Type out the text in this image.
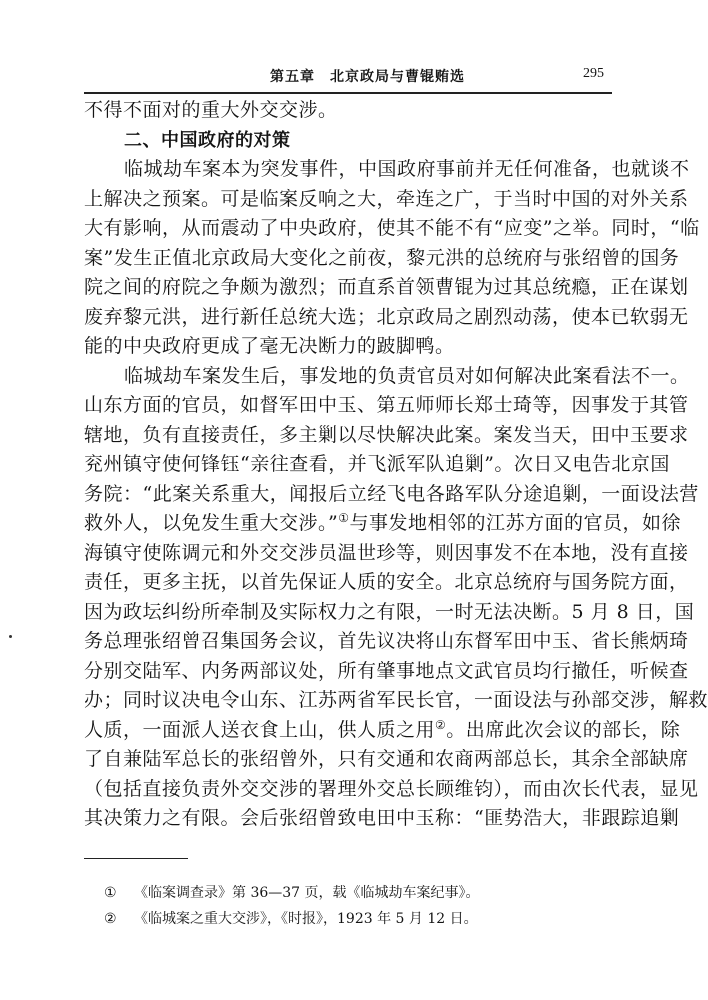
第五章　北京政局与曹锟贿选	295
不得不面对的重大外交交涉。
二、中国政府的对策
临城劫车案本为突发事件，中国政府事前并无任何准备，也就谈不
上解决之预案。可是临案反响之大，牵连之广，于当时中国的对外关系
大有影响，从而震动了中央政府，使其不能不有“应变”之举。同时，“临
案”发生正值北京政局大变化之前夜，黎元洪的总统府与张绍曾的国务
院之间的府院之争颇为激烈；而直系首领曹锟为过其总统瘾，正在谋划
废弃黎元洪，进行新任总统大选；北京政局之剧烈动荡，使本已软弱无
能的中央政府更成了毫无决断力的跛脚鸭。
临城劫车案发生后，事发地的负责官员对如何解决此案看法不一。
山东方面的官员，如督军田中玉、第五师师长郑士琦等，因事发于其管
辖地，负有直接责任，多主剿以尽快解决此案。案发当天，田中玉要求
兖州镇守使何锋钰“亲往查看，并飞派军队追剿”。次日又电告北京国
务院：“此案关系重大，闻报后立经飞电各路军队分途追剿，一面设法营
救外人，以免发生重大交涉。”①与事发地相邻的江苏方面的官员，如徐
海镇守使陈调元和外交交涉员温世珍等，则因事发不在本地，没有直接
责任，更多主抚，以首先保证人质的安全。北京总统府与国务院方面，
因为政坛纠纷所牵制及实际权力之有限，一时无法决断。5 月 8 日，国
务总理张绍曾召集国务会议，首先议决将山东督军田中玉、省长熊炳琦
分别交陆军、内务两部议处，所有肇事地点文武官员均行撤任，听候查
办；同时议决电令山东、江苏两省军民长官，一面设法与孙部交涉，解救
人质，一面派人送衣食上山，供人质之用②。出席此次会议的部长，除
了自兼陆军总长的张绍曾外，只有交通和农商两部总长，其余全部缺席
（包括直接负责外交交涉的署理外交总长顾维钧），而由次长代表，显见
其决策力之有限。会后张绍曾致电田中玉称：“匪势浩大，非跟踪追剿
① 《临案调查录》第 36—37 页，载《临城劫车案纪事》。
② 《临城案之重大交涉》，《时报》，1923 年 5 月 12 日。
